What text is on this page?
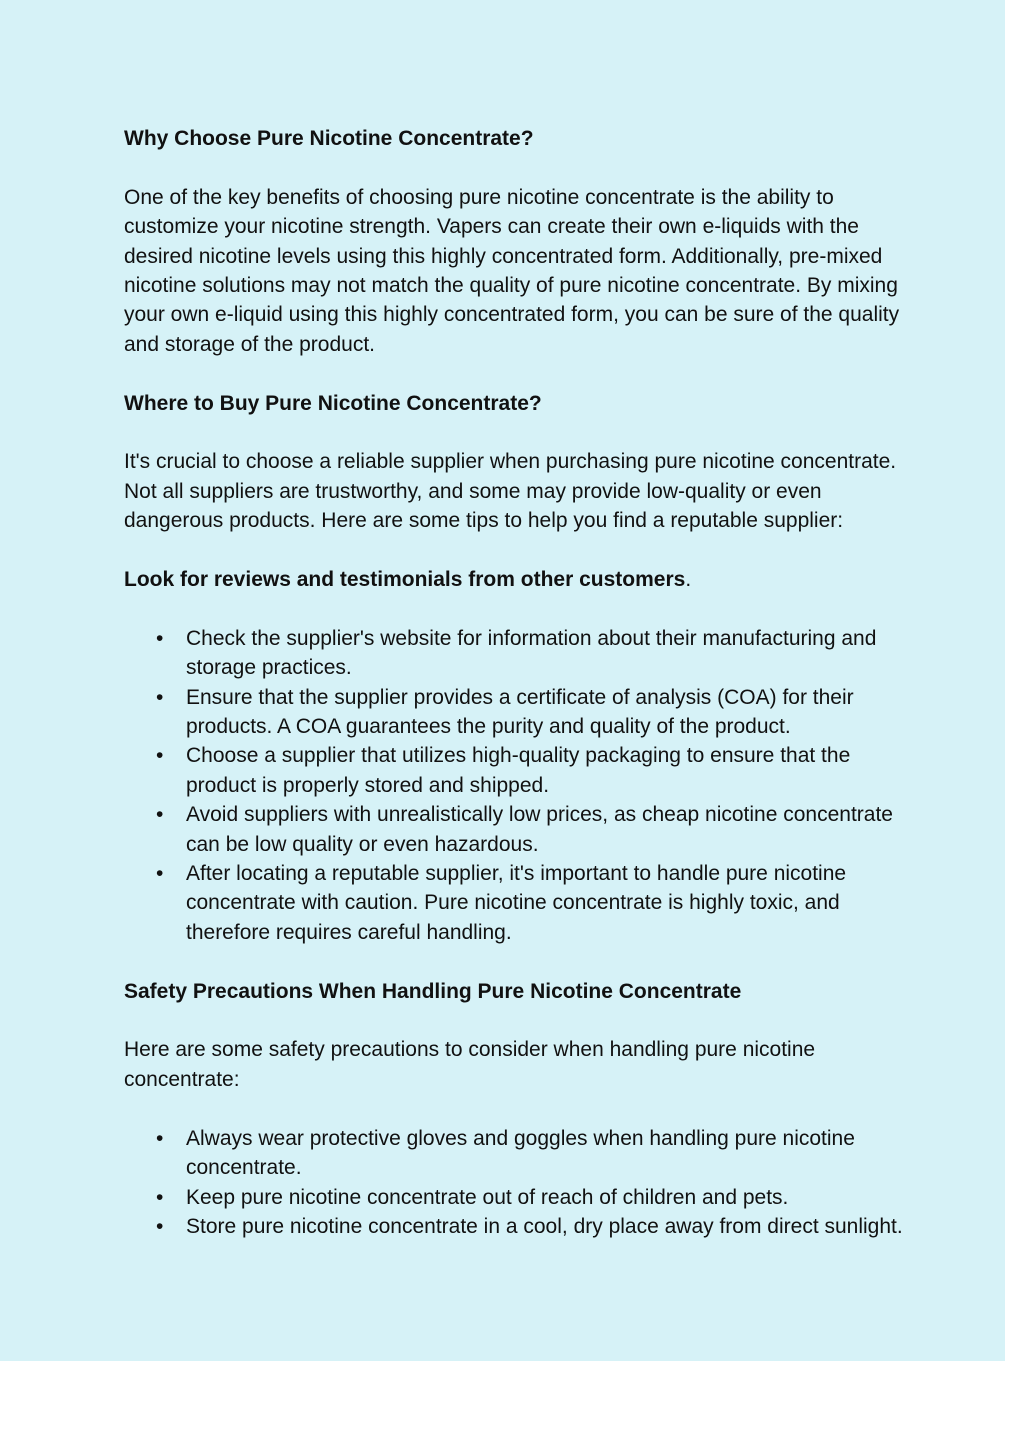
Why Choose Pure Nicotine Concentrate?

One of the key benefits of choosing pure nicotine concentrate is the ability to customize your nicotine strength. Vapers can create their own e-liquids with the desired nicotine levels using this highly concentrated form. Additionally, pre-mixed nicotine solutions may not match the quality of pure nicotine concentrate. By mixing your own e-liquid using this highly concentrated form, you can be sure of the quality and storage of the product.

Where to Buy Pure Nicotine Concentrate?

It's crucial to choose a reliable supplier when purchasing pure nicotine concentrate. Not all suppliers are trustworthy, and some may provide low-quality or even dangerous products. Here are some tips to help you find a reputable supplier:

Look for reviews and testimonials from other customers.
• Check the supplier's website for information about their manufacturing and storage practices.
• Ensure that the supplier provides a certificate of analysis (COA) for their products. A COA guarantees the purity and quality of the product.
• Choose a supplier that utilizes high-quality packaging to ensure that the product is properly stored and shipped.
• Avoid suppliers with unrealistically low prices, as cheap nicotine concentrate can be low quality or even hazardous.
• After locating a reputable supplier, it's important to handle pure nicotine concentrate with caution. Pure nicotine concentrate is highly toxic, and therefore requires careful handling.
Safety Precautions When Handling Pure Nicotine Concentrate

Here are some safety precautions to consider when handling pure nicotine concentrate:

• Always wear protective gloves and goggles when handling pure nicotine concentrate.
• Keep pure nicotine concentrate out of reach of children and pets.
• Store pure nicotine concentrate in a cool, dry place away from direct sunlight.
